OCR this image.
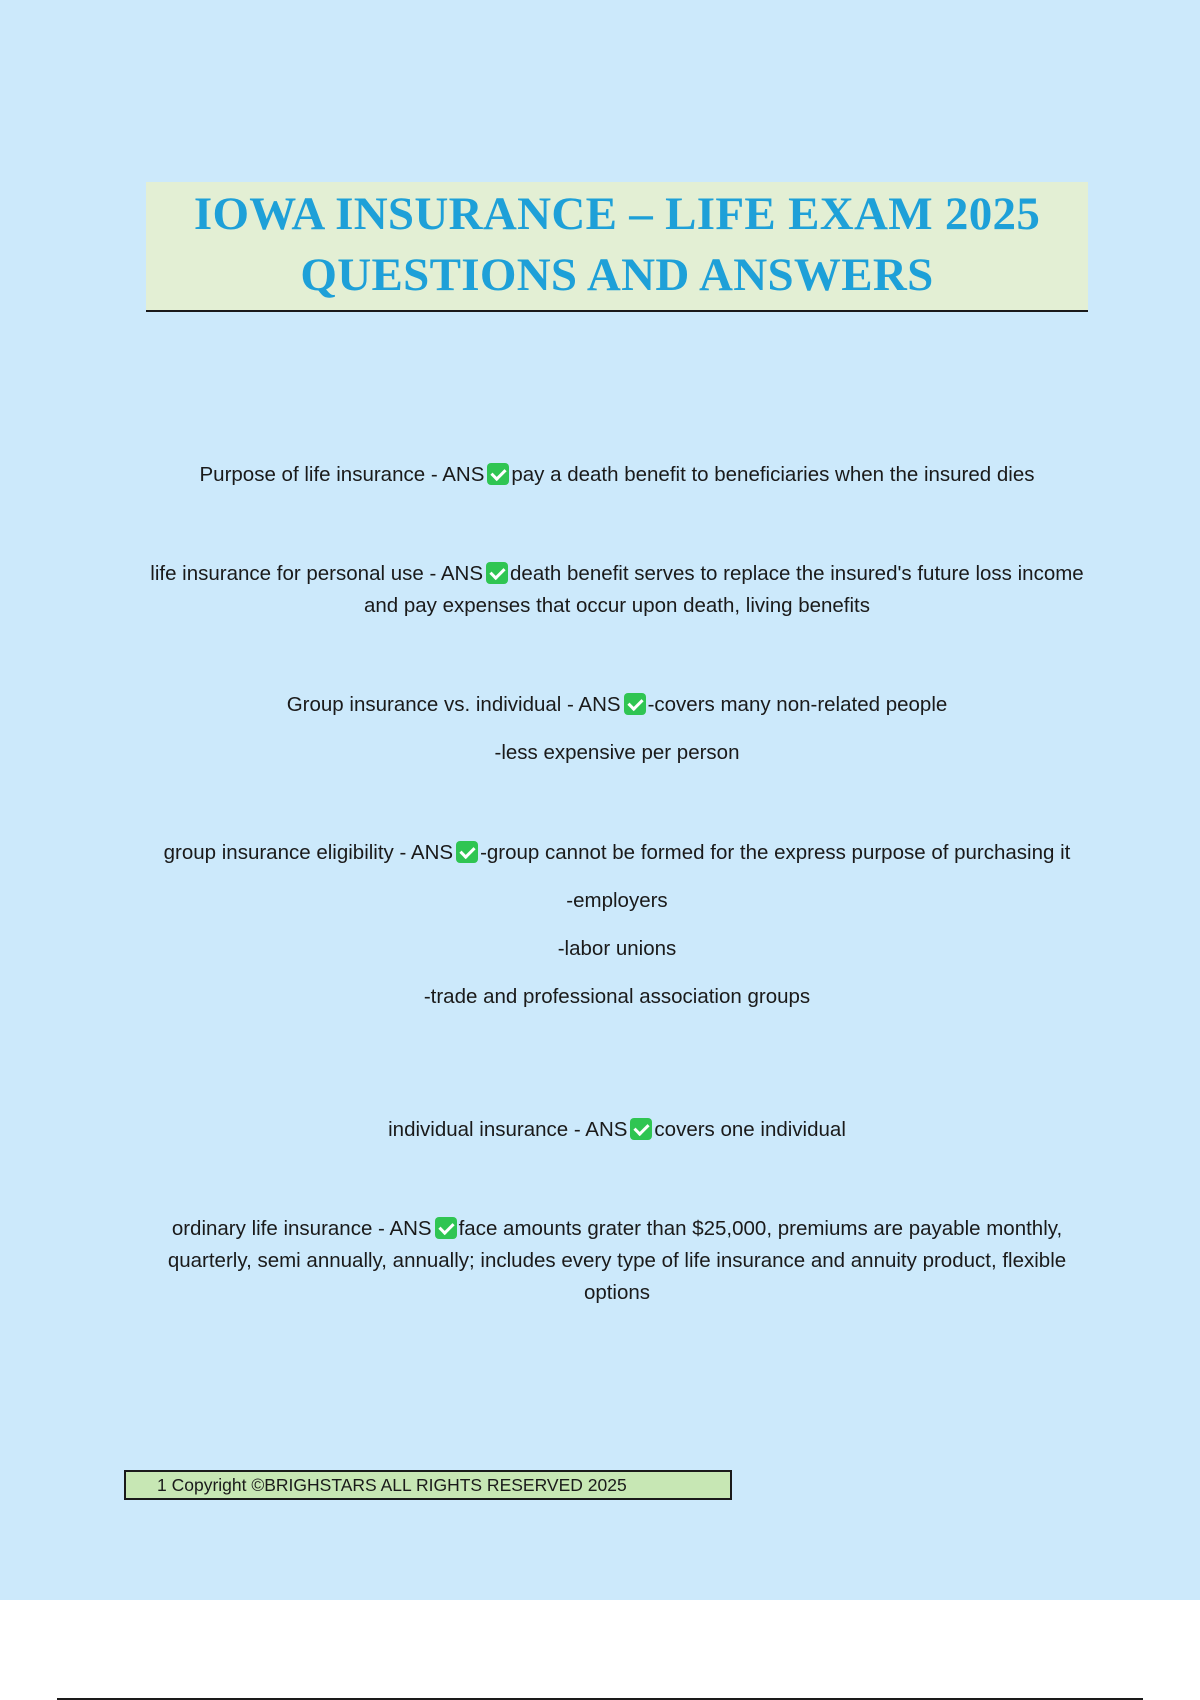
IOWA INSURANCE – LIFE EXAM 2025
QUESTIONS AND ANSWERS

Purpose of life insurance - ANS pay a death benefit to beneficiaries when the insured dies

life insurance for personal use - ANS death benefit serves to replace the insured's future loss income and pay expenses that occur upon death, living benefits

Group insurance vs. individual - ANS -covers many non-related people

-less expensive per person

group insurance eligibility - ANS -group cannot be formed for the express purpose of purchasing it

-employers

-labor unions

-trade and professional association groups

individual insurance - ANS covers one individual

ordinary life insurance - ANS face amounts grater than $25,000, premiums are payable monthly, quarterly, semi annually, annually; includes every type of life insurance and annuity product, flexible options

1 Copyright ©BRIGHSTARS ALL RIGHTS RESERVED 2025
